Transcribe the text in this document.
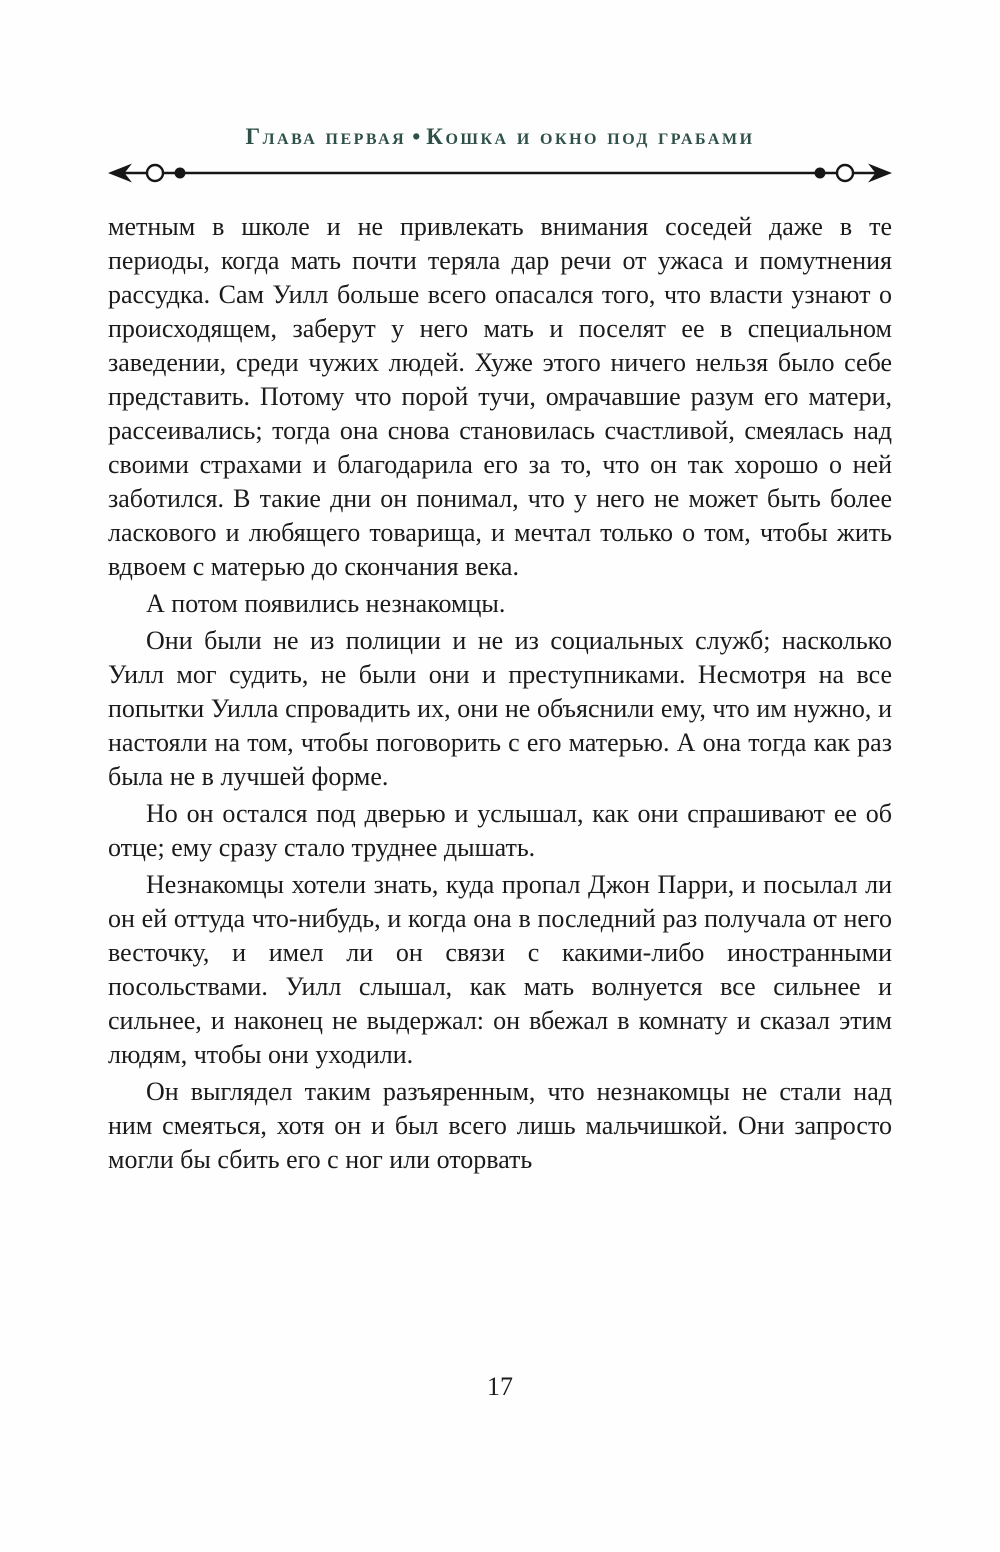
Глава первая • Кошка и окно под грабами

метным в школе и не привлекать внимания соседей даже в те периоды, когда мать почти теряла дар речи от ужаса и помутнения рассудка. Сам Уилл больше всего опасался того, что власти узнают о происходящем, заберут у него мать и поселят ее в специальном заведении, среди чужих людей. Хуже этого ничего нельзя было себе представить. Потому что порой тучи, омрачавшие разум его матери, рассеивались; тогда она снова становилась счастливой, смеялась над своими страхами и благодарила его за то, что он так хорошо о ней заботился. В такие дни он понимал, что у него не может быть более ласкового и любящего товарища, и мечтал только о том, чтобы жить вдвоем с матерью до скончания века.

А потом появились незнакомцы.

Они были не из полиции и не из социальных служб; насколько Уилл мог судить, не были они и преступниками. Несмотря на все попытки Уилла спровадить их, они не объяснили ему, что им нужно, и настояли на том, чтобы поговорить с его матерью. А она тогда как раз была не в лучшей форме.

Но он остался под дверью и услышал, как они спрашивают ее об отце; ему сразу стало труднее дышать.

Незнакомцы хотели знать, куда пропал Джон Парри, и посылал ли он ей оттуда что-нибудь, и когда она в последний раз получала от него весточку, и имел ли он связи с какими-либо иностранными посольствами. Уилл слышал, как мать волнуется все сильнее и сильнее, и наконец не выдержал: он вбежал в комнату и сказал этим людям, чтобы они уходили.

Он выглядел таким разъяренным, что незнакомцы не стали над ним смеяться, хотя он и был всего лишь мальчишкой. Они запросто могли бы сбить его с ног или оторвать

17
